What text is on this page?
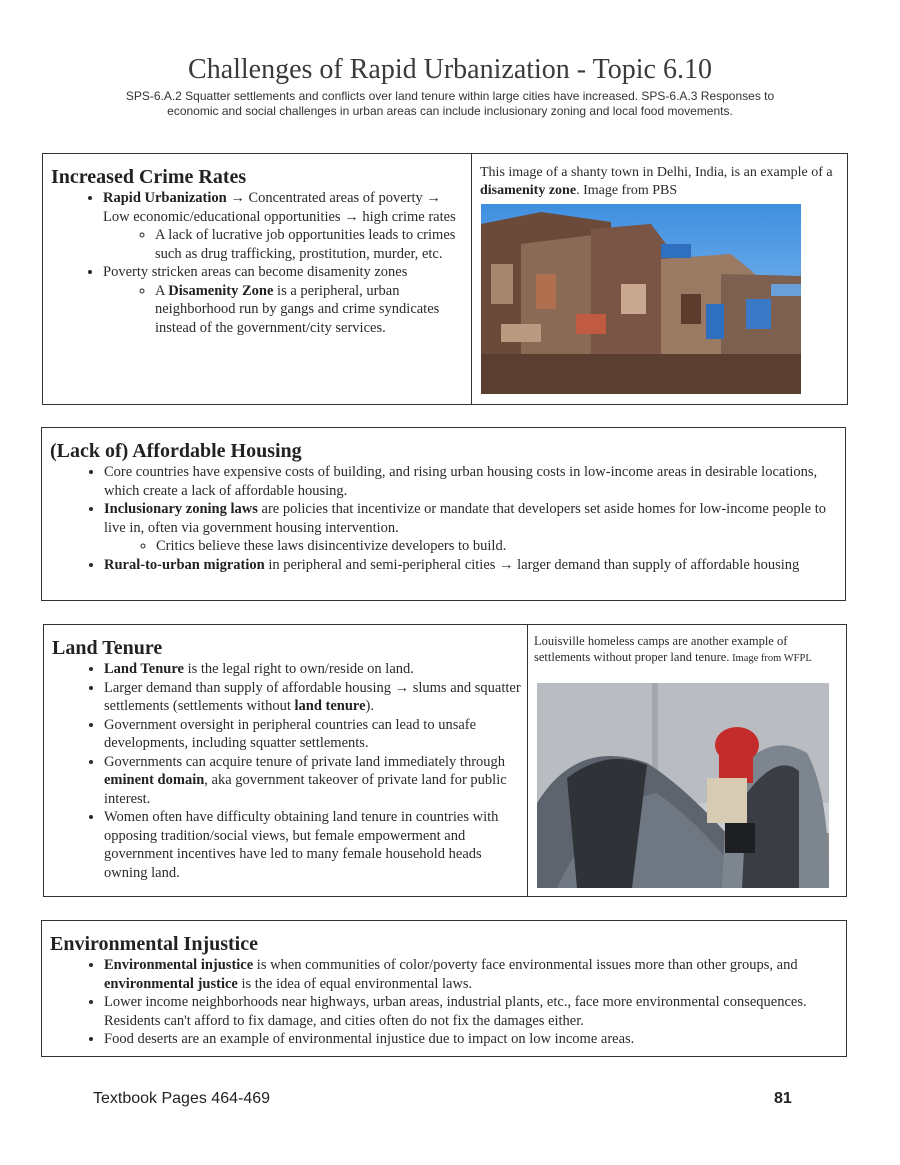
Challenges of Rapid Urbanization - Topic 6.10
SPS-6.A.2 Squatter settlements and conflicts over land tenure within large cities have increased. SPS-6.A.3 Responses to economic and social challenges in urban areas can include inclusionary zoning and local food movements.
Increased Crime Rates
• Rapid Urbanization → Concentrated areas of poverty → Low economic/educational opportunities → high crime rates
◦ A lack of lucrative job opportunities leads to crimes such as drug trafficking, prostitution, murder, etc.
• Poverty stricken areas can become disamenity zones
◦ A Disamenity Zone is a peripheral, urban neighborhood run by gangs and crime syndicates instead of the government/city services.
This image of a shanty town in Delhi, India, is an example of a disamenity zone. Image from PBS
(Lack of) Affordable Housing
• Core countries have expensive costs of building, and rising urban housing costs in low-income areas in desirable locations, which create a lack of affordable housing.
• Inclusionary zoning laws are policies that incentivize or mandate that developers set aside homes for low-income people to live in, often via government housing intervention.
◦ Critics believe these laws disincentivize developers to build.
• Rural-to-urban migration in peripheral and semi-peripheral cities → larger demand than supply of affordable housing
Land Tenure
• Land Tenure is the legal right to own/reside on land.
• Larger demand than supply of affordable housing → slums and squatter settlements (settlements without land tenure).
• Government oversight in peripheral countries can lead to unsafe developments, including squatter settlements.
• Governments can acquire tenure of private land immediately through eminent domain, aka government takeover of private land for public interest.
• Women often have difficulty obtaining land tenure in countries with opposing tradition/social views, but female empowerment and government incentives have led to many female household heads owning land.
Louisville homeless camps are another example of settlements without proper land tenure. Image from WFPL
Environmental Injustice
• Environmental injustice is when communities of color/poverty face environmental issues more than other groups, and environmental justice is the idea of equal environmental laws.
• Lower income neighborhoods near highways, urban areas, industrial plants, etc., face more environmental consequences. Residents can't afford to fix damage, and cities often do not fix the damages either.
• Food deserts are an example of environmental injustice due to impact on low income areas.
Textbook Pages 464-469	81
